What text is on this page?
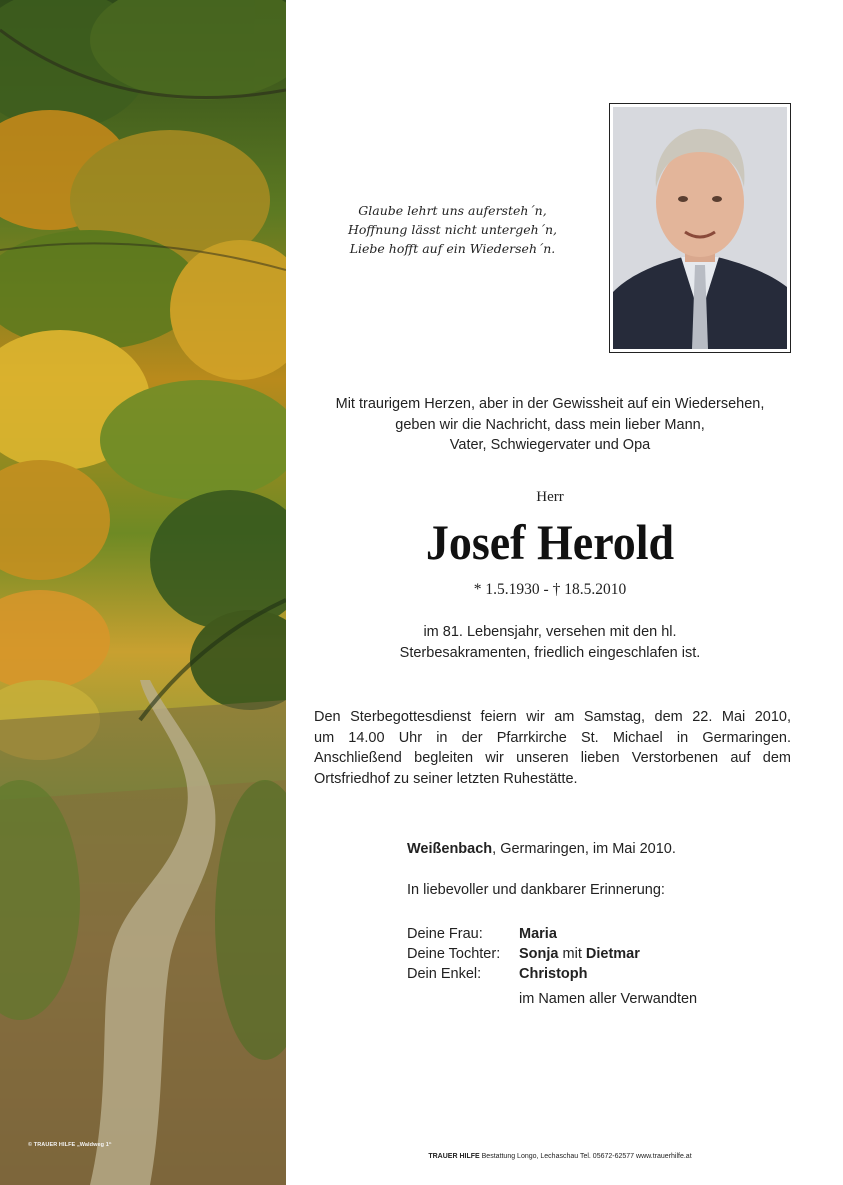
© TRAUER HILFE „Waldweg 1“
Glaube lehrt uns aufersteh´n,
Hoffnung lässt nicht untergeh´n,
Liebe hofft auf ein Wiederseh´n.
Mit traurigem Herzen, aber in der Gewissheit auf ein Wiedersehen,
geben wir die Nachricht, dass mein lieber Mann,
Vater, Schwiegervater und Opa
Herr
Josef Herold
* 1.5.1930 - † 18.5.2010
im 81. Lebensjahr, versehen mit den hl.
Sterbesakramenten, friedlich eingeschlafen ist.
Den Sterbegottesdienst feiern wir am Samstag, dem 22. Mai 2010,
um 14.00 Uhr in der Pfarrkirche St. Michael in Germaringen.
Anschließend begleiten wir unseren lieben Verstorbenen auf dem
Ortsfriedhof zu seiner letzten Ruhestätte.
Weißenbach, Germaringen, im Mai 2010.
In liebevoller und dankbarer Erinnerung:
Deine Frau:	Maria
Deine Tochter:	Sonja mit Dietmar
Dein Enkel:	Christoph
im Namen aller Verwandten
TRAUER HILFE Bestattung Longo, Lechaschau Tel. 05672-62577 www.trauerhilfe.at
